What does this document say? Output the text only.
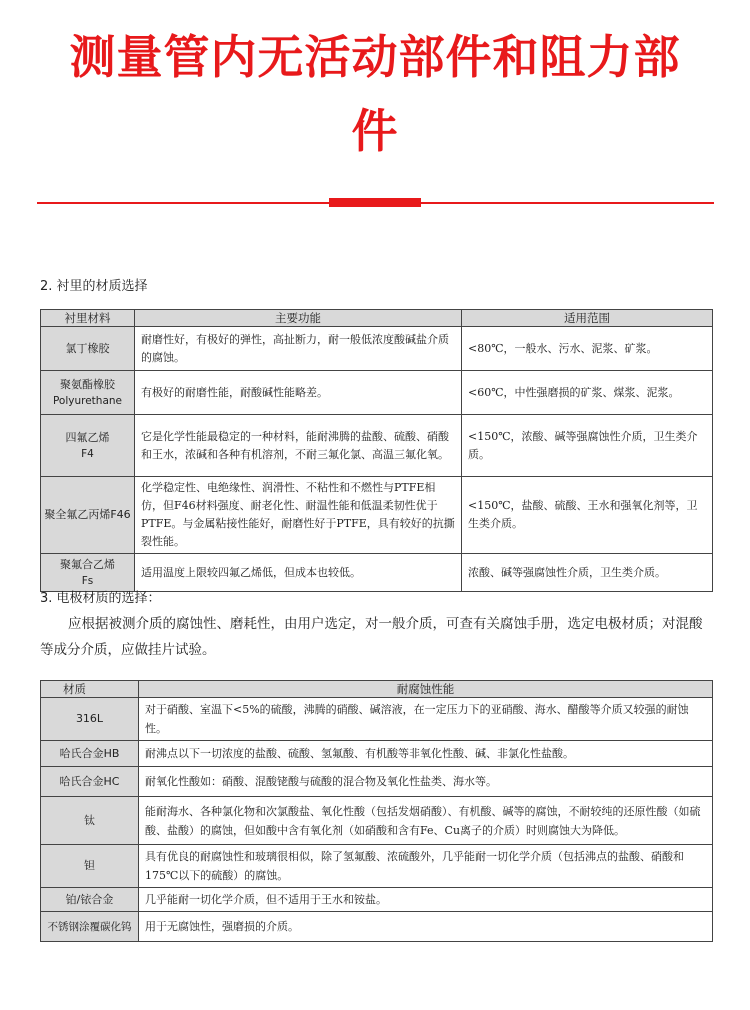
测量管内无活动部件和阻力部
件
2. 衬里的材质选择
衬里材料	主要功能	适用范围
氯丁橡胶	耐磨性好，有极好的弹性，高扯断力，耐一般低浓度酸碱盐介质的腐蚀。	<80℃，一般水、污水、泥浆、矿浆。
聚氨酯橡胶
Polyurethane	有极好的耐磨性能，耐酸碱性能略差。	<60℃，中性强磨损的矿浆、煤浆、泥浆。
四氟乙烯
F4	它是化学性能最稳定的一种材料，能耐沸腾的盐酸、硫酸、硝酸和王水，浓碱和各种有机溶剂，不耐三氟化氯、高温三氟化氧。	<150℃，浓酸、碱等强腐蚀性介质，卫生类介质。
聚全氟乙丙烯F46	化学稳定性、电绝缘性、润滑性、不粘性和不燃性与PTFE相仿，但F46材料强度、耐老化性、耐温性能和低温柔韧性优于PTFE。与金属粘接性能好，耐磨性好于PTFE，具有较好的抗撕裂性能。	<150℃，盐酸、硫酸、王水和强氧化剂等，卫生类介质。
聚氟合乙烯
Fs	适用温度上限较四氟乙烯低，但成本也较低。	浓酸、碱等强腐蚀性介质，卫生类介质。
3. 电极材质的选择：
应根据被测介质的腐蚀性、磨耗性，由用户选定，对一般介质，可查有关腐蚀手册，选定电极材质；对混酸等成分介质，应做挂片试验。
材质	耐腐蚀性能
316L	对于硝酸、室温下<5%的硫酸，沸腾的硝酸、碱溶液，在一定压力下的亚硝酸、海水、醋酸等介质又较强的耐蚀性。
哈氏合金HB	耐沸点以下一切浓度的盐酸、硫酸、氢氟酸、有机酸等非氧化性酸、碱、非氯化性盐酸。
哈氏合金HC	耐氧化性酸如：硝酸、混酸铑酸与硫酸的混合物及氧化性盐类、海水等。
钛	能耐海水、各种氯化物和次氯酸盐、氧化性酸（包括发烟硝酸）、有机酸、碱等的腐蚀，不耐较纯的还原性酸（如硫酸、盐酸）的腐蚀，但如酸中含有氧化剂（如硝酸和含有Fe、Cu离子的介质）时则腐蚀大为降低。
钽	具有优良的耐腐蚀性和玻璃很相似，除了氢氟酸、浓硫酸外，几乎能耐一切化学介质（包括沸点的盐酸、硝酸和175℃以下的硫酸）的腐蚀。
铂/铱合金	几乎能耐一切化学介质，但不适用于王水和铵盐。
不锈钢涂覆碳化钨	用于无腐蚀性，强磨损的介质。
